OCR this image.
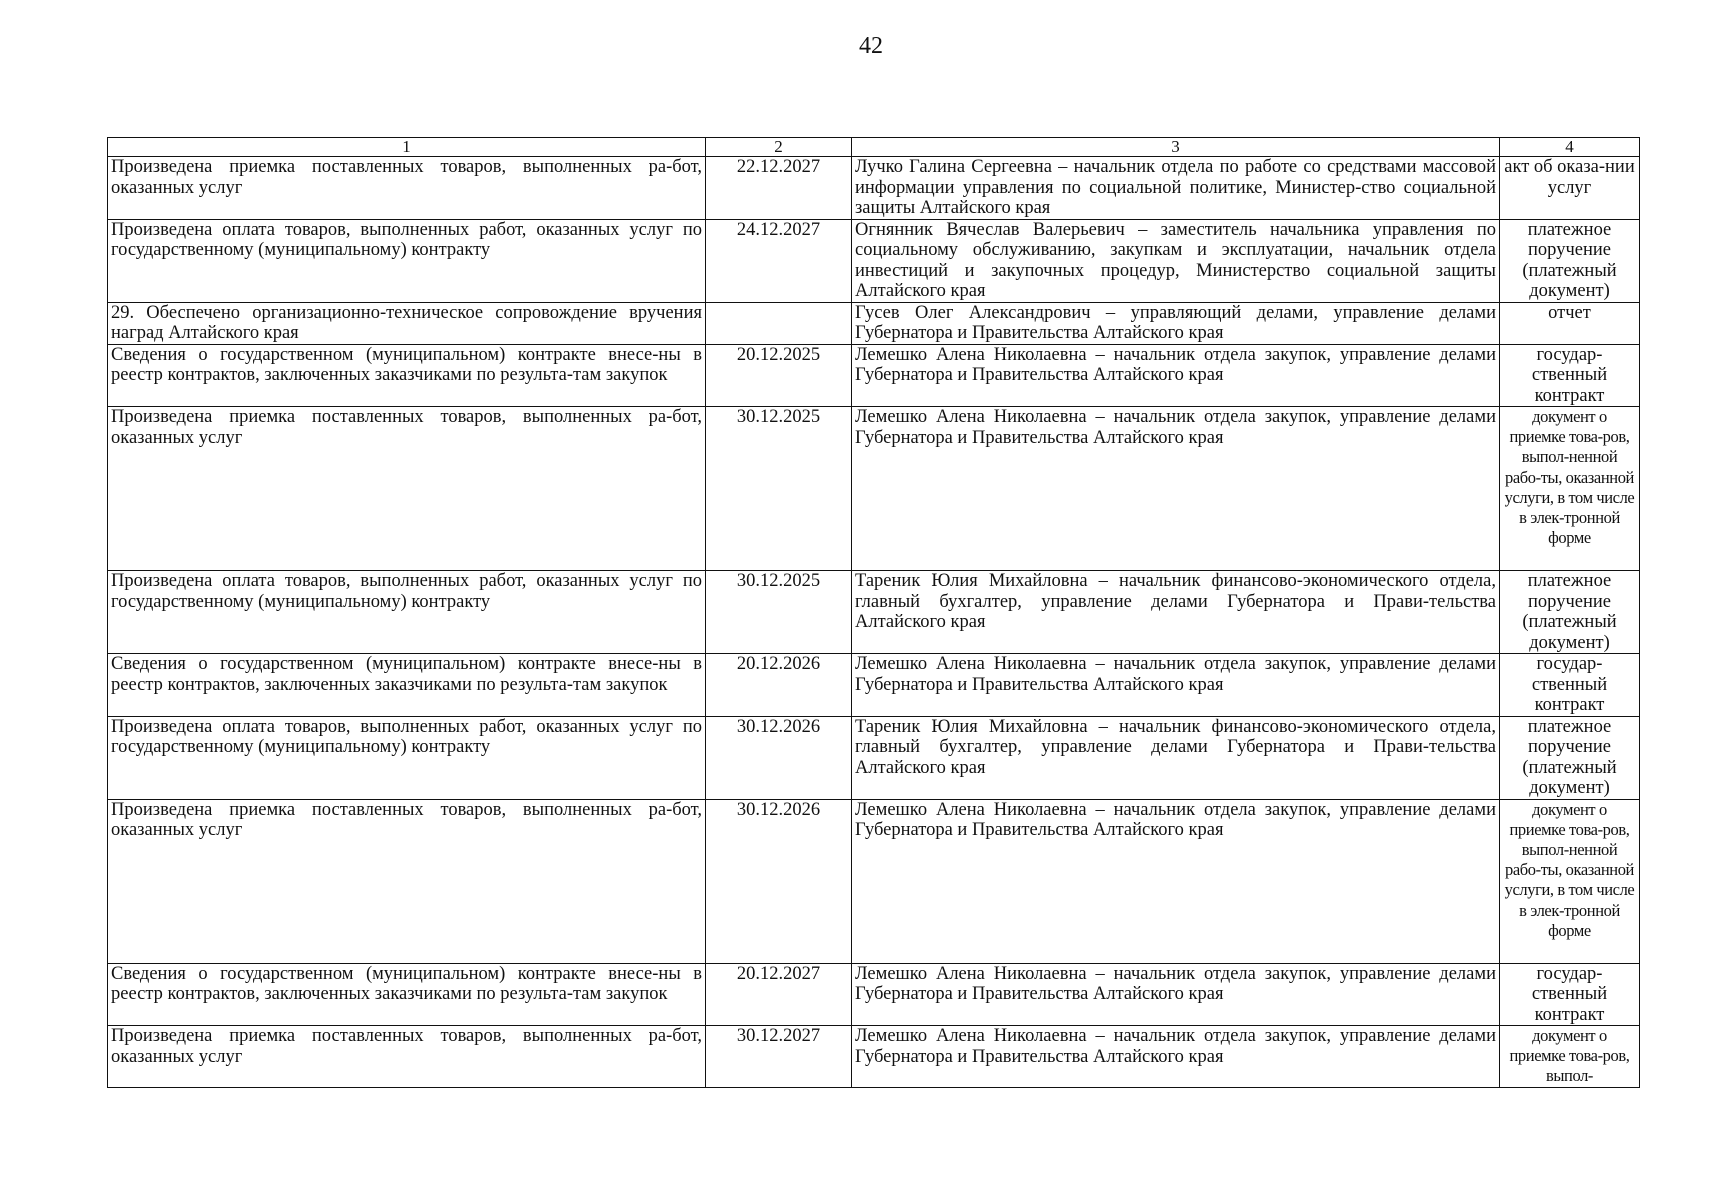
42
1	2	3	4
Произведена приемка поставленных товаров, выполненных ра-бот, оказанных услуг	22.12.2027	Лучко Галина Сергеевна – начальник отдела по работе со средствами массовой информации управления по социальной политике, Министер-ство социальной защиты Алтайского края	акт об оказа-нии услуг
Произведена оплата товаров, выполненных работ, оказанных услуг по государственному (муниципальному) контракту	24.12.2027	Огнянник Вячеслав Валерьевич – заместитель начальника управления по социальному обслуживанию, закупкам и эксплуатации, начальник отдела инвестиций и закупочных процедур, Министерство социальной защиты Алтайского края	платежное поручение (платежный документ)
29. Обеспечено организационно-техническое сопровождение вручения наград Алтайского края		Гусев Олег Александрович – управляющий делами, управление делами Губернатора и Правительства Алтайского края	отчет
Сведения о государственном (муниципальном) контракте внесе-ны в реестр контрактов, заключенных заказчиками по результа-там закупок	20.12.2025	Лемешко Алена Николаевна – начальник отдела закупок, управление делами Губернатора и Правительства Алтайского края	государ-ственный контракт
Произведена приемка поставленных товаров, выполненных ра-бот, оказанных услуг	30.12.2025	Лемешко Алена Николаевна – начальник отдела закупок, управление делами Губернатора и Правительства Алтайского края	документ о приемке това-ров, выпол-ненной рабо-ты, оказанной услуги, в том числе в элек-тронной форме
Произведена оплата товаров, выполненных работ, оказанных услуг по государственному (муниципальному) контракту	30.12.2025	Тареник Юлия Михайловна – начальник финансово-экономического отдела, главный бухгалтер, управление делами Губернатора и Прави-тельства Алтайского края	платежное поручение (платежный документ)
Сведения о государственном (муниципальном) контракте внесе-ны в реестр контрактов, заключенных заказчиками по результа-там закупок	20.12.2026	Лемешко Алена Николаевна – начальник отдела закупок, управление делами Губернатора и Правительства Алтайского края	государ-ственный контракт
Произведена оплата товаров, выполненных работ, оказанных услуг по государственному (муниципальному) контракту	30.12.2026	Тареник Юлия Михайловна – начальник финансово-экономического отдела, главный бухгалтер, управление делами Губернатора и Прави-тельства Алтайского края	платежное поручение (платежный документ)
Произведена приемка поставленных товаров, выполненных ра-бот, оказанных услуг	30.12.2026	Лемешко Алена Николаевна – начальник отдела закупок, управление делами Губернатора и Правительства Алтайского края	документ о приемке това-ров, выпол-ненной рабо-ты, оказанной услуги, в том числе в элек-тронной форме
Сведения о государственном (муниципальном) контракте внесе-ны в реестр контрактов, заключенных заказчиками по результа-там закупок	20.12.2027	Лемешко Алена Николаевна – начальник отдела закупок, управление делами Губернатора и Правительства Алтайского края	государ-ственный контракт
Произведена приемка поставленных товаров, выполненных ра-бот, оказанных услуг	30.12.2027	Лемешко Алена Николаевна – начальник отдела закупок, управление делами Губернатора и Правительства Алтайского края	документ о приемке това-ров, выпол-
